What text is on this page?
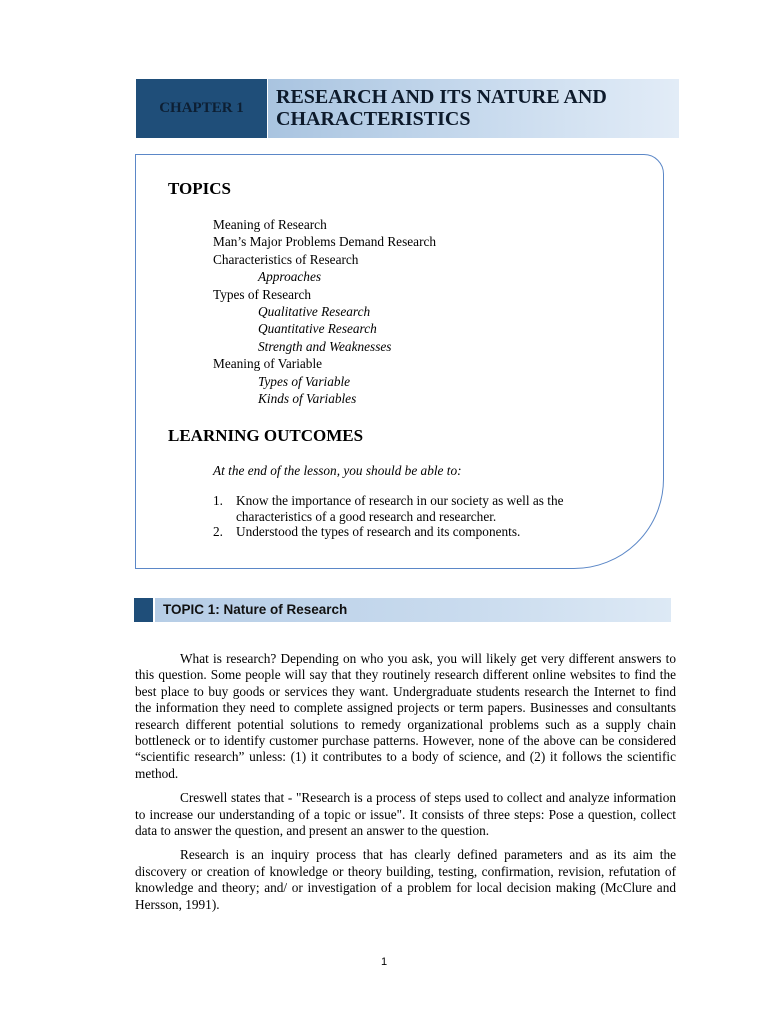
CHAPTER 1 RESEARCH AND ITS NATURE AND
CHARACTERISTICS
TOPICS
Meaning of Research
Man’s Major Problems Demand Research
Characteristics of Research
Approaches
Types of Research
Qualitative Research
Quantitative Research
Strength and Weaknesses
Meaning of Variable
Types of Variable
Kinds of Variables
LEARNING OUTCOMES
At the end of the lesson, you should be able to:
1. Know the importance of research in our society as well as the characteristics of a good research and researcher.
2. Understood the types of research and its components.
TOPIC 1: Nature of Research

What is research? Depending on who you ask, you will likely get very different answers to this question. Some people will say that they routinely research different online websites to find the best place to buy goods or services they want. Undergraduate students research the Internet to find the information they need to complete assigned projects or term papers. Businesses and consultants research different potential solutions to remedy organizational problems such as a supply chain bottleneck or to identify customer purchase patterns. However, none of the above can be considered “scientific research” unless: (1) it contributes to a body of science, and (2) it follows the scientific method.

Creswell states that - "Research is a process of steps used to collect and analyze information to increase our understanding of a topic or issue". It consists of three steps: Pose a question, collect data to answer the question, and present an answer to the question.

Research is an inquiry process that has clearly defined parameters and as its aim the discovery or creation of knowledge or theory building, testing, confirmation, revision, refutation of knowledge and theory; and/ or investigation of a problem for local decision making (McClure and Hersson, 1991).

1
